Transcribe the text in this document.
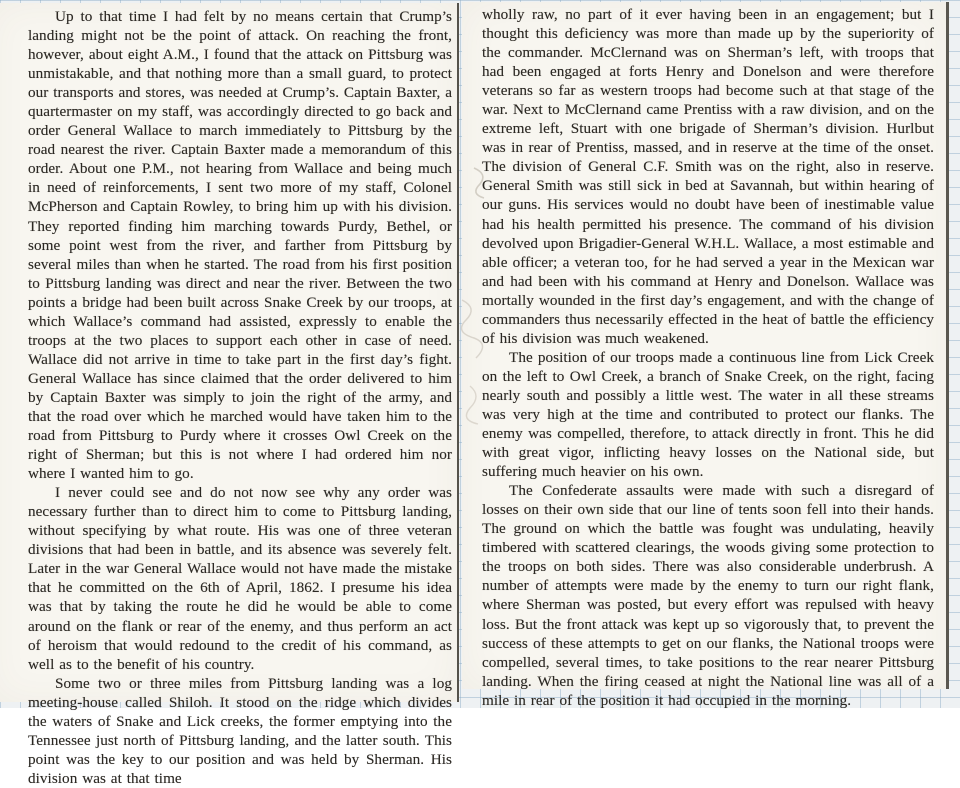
Up to that time I had felt by no means certain that Crump’s landing might not be the point of attack. On reaching the front, however, about eight A.M., I found that the attack on Pittsburg was unmistakable, and that nothing more than a small guard, to protect our transports and stores, was needed at Crump’s. Captain Baxter, a quartermaster on my staff, was accordingly directed to go back and order General Wallace to march immediately to Pittsburg by the road nearest the river. Captain Baxter made a memorandum of this order. About one P.M., not hearing from Wallace and being much in need of reinforcements, I sent two more of my staff, Colonel McPherson and Captain Rowley, to bring him up with his division. They reported finding him marching towards Purdy, Bethel, or some point west from the river, and farther from Pittsburg by several miles than when he started. The road from his first position to Pittsburg landing was direct and near the river. Between the two points a bridge had been built across Snake Creek by our troops, at which Wallace’s command had assisted, expressly to enable the troops at the two places to support each other in case of need. Wallace did not arrive in time to take part in the first day’s fight. General Wallace has since claimed that the order delivered to him by Captain Baxter was simply to join the right of the army, and that the road over which he marched would have taken him to the road from Pittsburg to Purdy where it crosses Owl Creek on the right of Sherman; but this is not where I had ordered him nor where I wanted him to go.

I never could see and do not now see why any order was necessary further than to direct him to come to Pittsburg landing, without specifying by what route. His was one of three veteran divisions that had been in battle, and its absence was severely felt. Later in the war General Wallace would not have made the mistake that he committed on the 6th of April, 1862. I presume his idea was that by taking the route he did he would be able to come around on the flank or rear of the enemy, and thus perform an act of heroism that would redound to the credit of his command, as well as to the benefit of his country.

Some two or three miles from Pittsburg landing was a log meeting-house called Shiloh. It stood on the ridge which divides the waters of Snake and Lick creeks, the former emptying into the Tennessee just north of Pittsburg landing, and the latter south. This point was the key to our position and was held by Sherman. His division was at that time

wholly raw, no part of it ever having been in an engagement; but I thought this deficiency was more than made up by the superiority of the commander. McClernand was on Sherman’s left, with troops that had been engaged at forts Henry and Donelson and were therefore veterans so far as western troops had become such at that stage of the war. Next to McClernand came Prentiss with a raw division, and on the extreme left, Stuart with one brigade of Sherman’s division. Hurlbut was in rear of Prentiss, massed, and in reserve at the time of the onset. The division of General C.F. Smith was on the right, also in reserve. General Smith was still sick in bed at Savannah, but within hearing of our guns. His services would no doubt have been of inestimable value had his health permitted his presence. The command of his division devolved upon Brigadier-General W.H.L. Wallace, a most estimable and able officer; a veteran too, for he had served a year in the Mexican war and had been with his command at Henry and Donelson. Wallace was mortally wounded in the first day’s engagement, and with the change of commanders thus necessarily effected in the heat of battle the efficiency of his division was much weakened.

The position of our troops made a continuous line from Lick Creek on the left to Owl Creek, a branch of Snake Creek, on the right, facing nearly south and possibly a little west. The water in all these streams was very high at the time and contributed to protect our flanks. The enemy was compelled, therefore, to attack directly in front. This he did with great vigor, inflicting heavy losses on the National side, but suffering much heavier on his own.

The Confederate assaults were made with such a disregard of losses on their own side that our line of tents soon fell into their hands. The ground on which the battle was fought was undulating, heavily timbered with scattered clearings, the woods giving some protection to the troops on both sides. There was also considerable underbrush. A number of attempts were made by the enemy to turn our right flank, where Sherman was posted, but every effort was repulsed with heavy loss. But the front attack was kept up so vigorously that, to prevent the success of these attempts to get on our flanks, the National troops were compelled, several times, to take positions to the rear nearer Pittsburg landing. When the firing ceased at night the National line was all of a mile in rear of the position it had occupied in the morning.
